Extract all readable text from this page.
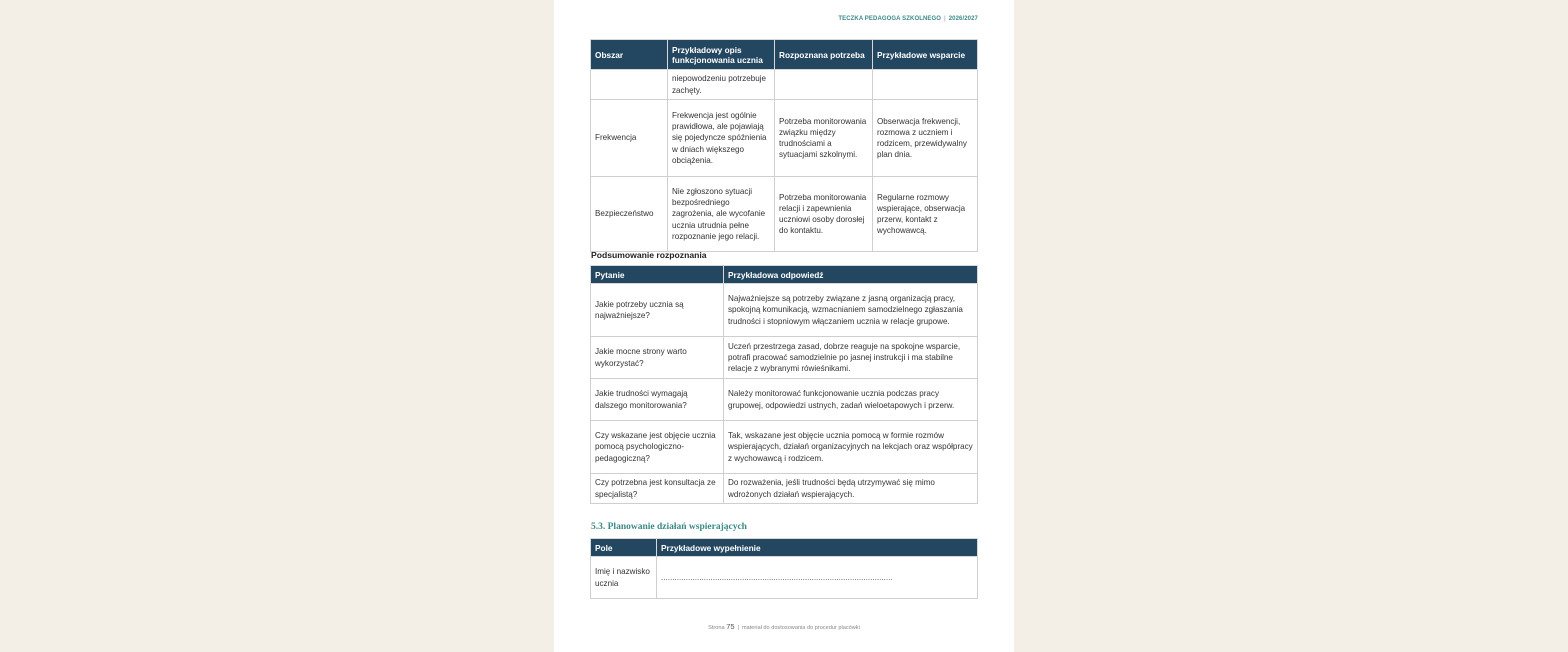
TECZKA PEDAGOGA SZKOLNEGO | 2026/2027
Obszar	Przykładowy opis funkcjonowania ucznia	Rozpoznana potrzeba	Przykładowe wsparcie
	niepowodzeniu potrzebuje zachęty.		
Frekwencja	Frekwencja jest ogólnie prawidłowa, ale pojawiają się pojedyncze spóźnienia w dniach większego obciążenia.	Potrzeba monitorowania związku między trudnościami a sytuacjami szkolnymi.	Obserwacja frekwencji, rozmowa z uczniem i rodzicem, przewidywalny plan dnia.
Bezpieczeństwo	Nie zgłoszono sytuacji bezpośredniego zagrożenia, ale wycofanie ucznia utrudnia pełne rozpoznanie jego relacji.	Potrzeba monitorowania relacji i zapewnienia uczniowi osoby dorosłej do kontaktu.	Regularne rozmowy wspierające, obserwacja przerw, kontakt z wychowawcą.
Podsumowanie rozpoznania
Pytanie	Przykładowa odpowiedź
Jakie potrzeby ucznia są najważniejsze?	Najważniejsze są potrzeby związane z jasną organizacją pracy, spokojną komunikacją, wzmacnianiem samodzielnego zgłaszania trudności i stopniowym włączaniem ucznia w relacje grupowe.
Jakie mocne strony warto wykorzystać?	Uczeń przestrzega zasad, dobrze reaguje na spokojne wsparcie, potrafi pracować samodzielnie po jasnej instrukcji i ma stabilne relacje z wybranymi rówieśnikami.
Jakie trudności wymagają dalszego monitorowania?	Należy monitorować funkcjonowanie ucznia podczas pracy grupowej, odpowiedzi ustnych, zadań wieloetapowych i przerw.
Czy wskazane jest objęcie ucznia pomocą psychologiczno-pedagogiczną?	Tak, wskazane jest objęcie ucznia pomocą w formie rozmów wspierających, działań organizacyjnych na lekcjach oraz współpracy z wychowawcą i rodzicem.
Czy potrzebna jest konsultacja ze specjalistą?	Do rozważenia, jeśli trudności będą utrzymywać się mimo wdrożonych działań wspierających.
5.3. Planowanie działań wspierających
Pole	Przykładowe wypełnienie
Imię i nazwisko ucznia	.......................................................................................................
Strona 75 | materiał do dostosowania do procedur placówki
